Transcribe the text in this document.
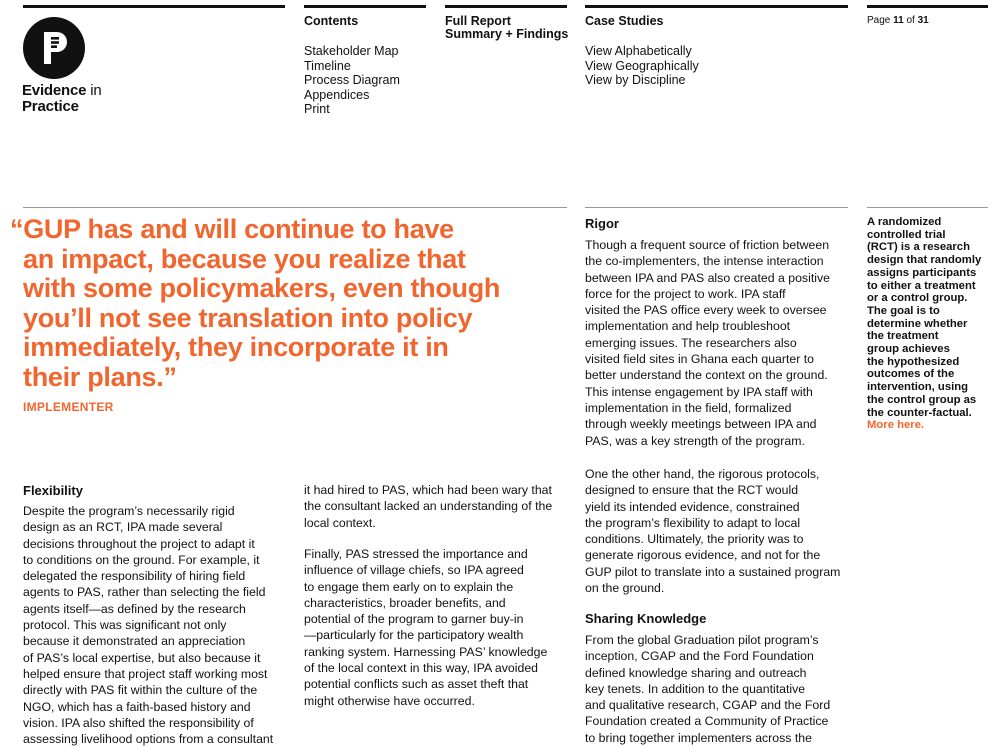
Evidence in
Practice
Contents
Stakeholder Map
Timeline
Process Diagram
Appendices
Print
Full Report
Summary + Findings
Case Studies
View Alphabetically
View Geographically
View by Discipline
Page 11 of 31
“GUP has and will continue to have
an impact, because you realize that
with some policymakers, even though
you’ll not see translation into policy
immediately, they incorporate it in
their plans.”
IMPLEMENTER
Flexibility
Despite the program’s necessarily rigid
design as an RCT, IPA made several
decisions throughout the project to adapt it
to conditions on the ground. For example, it
delegated the responsibility of hiring field
agents to PAS, rather than selecting the field
agents itself—as defined by the research
protocol. This was significant not only
because it demonstrated an appreciation
of PAS’s local expertise, but also because it
helped ensure that project staff working most
directly with PAS fit within the culture of the
NGO, which has a faith-based history and
vision. IPA also shifted the responsibility of
assessing livelihood options from a consultant
it had hired to PAS, which had been wary that
the consultant lacked an understanding of the
local context.
Finally, PAS stressed the importance and
influence of village chiefs, so IPA agreed
to engage them early on to explain the
characteristics, broader benefits, and
potential of the program to garner buy-in
—particularly for the participatory wealth
ranking system. Harnessing PAS’ knowledge
of the local context in this way, IPA avoided
potential conflicts such as asset theft that
might otherwise have occurred.
Rigor
Though a frequent source of friction between
the co-implementers, the intense interaction
between IPA and PAS also created a positive
force for the project to work. IPA staff
visited the PAS office every week to oversee
implementation and help troubleshoot
emerging issues. The researchers also
visited field sites in Ghana each quarter to
better understand the context on the ground.
This intense engagement by IPA staff with
implementation in the field, formalized
through weekly meetings between IPA and
PAS, was a key strength of the program.
One the other hand, the rigorous protocols,
designed to ensure that the RCT would
yield its intended evidence, constrained
the program’s flexibility to adapt to local
conditions. Ultimately, the priority was to
generate rigorous evidence, and not for the
GUP pilot to translate into a sustained program
on the ground.
Sharing Knowledge
From the global Graduation pilot program’s
inception, CGAP and the Ford Foundation
defined knowledge sharing and outreach
key tenets. In addition to the quantitative
and qualitative research, CGAP and the Ford
Foundation created a Community of Practice
to bring together implementers across the
A randomized
controlled trial
(RCT) is a research
design that randomly
assigns participants
to either a treatment
or a control group.
The goal is to
determine whether
the treatment
group achieves
the hypothesized
outcomes of the
intervention, using
the control group as
the counter-factual.
More here.
